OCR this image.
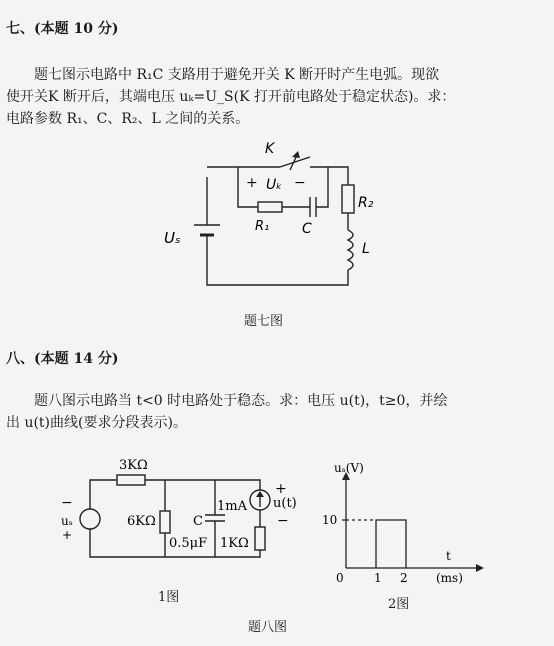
七、(本题 10 分)
题七图示电路中 R₁C 支路用于避免开关 K 断开时产生电弧。现欲
使开关K 断开后，其端电压 uₖ=U_S(K 打开前电路处于稳定状态)。求：
电路参数 R₁、C、R₂、L 之间的关系。
K
+ Uₖ −
R₁ C
R₂
L
Uₛ
题七图
八、(本题 14 分)
题八图示电路当 t<0 时电路处于稳态。求：电压 u(t)，t≥0，并绘
出 u(t)曲线(要求分段表示)。
3KΩ
6KΩ	C
0.5μF
1mA
1KΩ
+
u(t)
−
−
uₛ
+
1图
uₛ(V)
10
t
0	1 2 (ms)
2图
题八图
